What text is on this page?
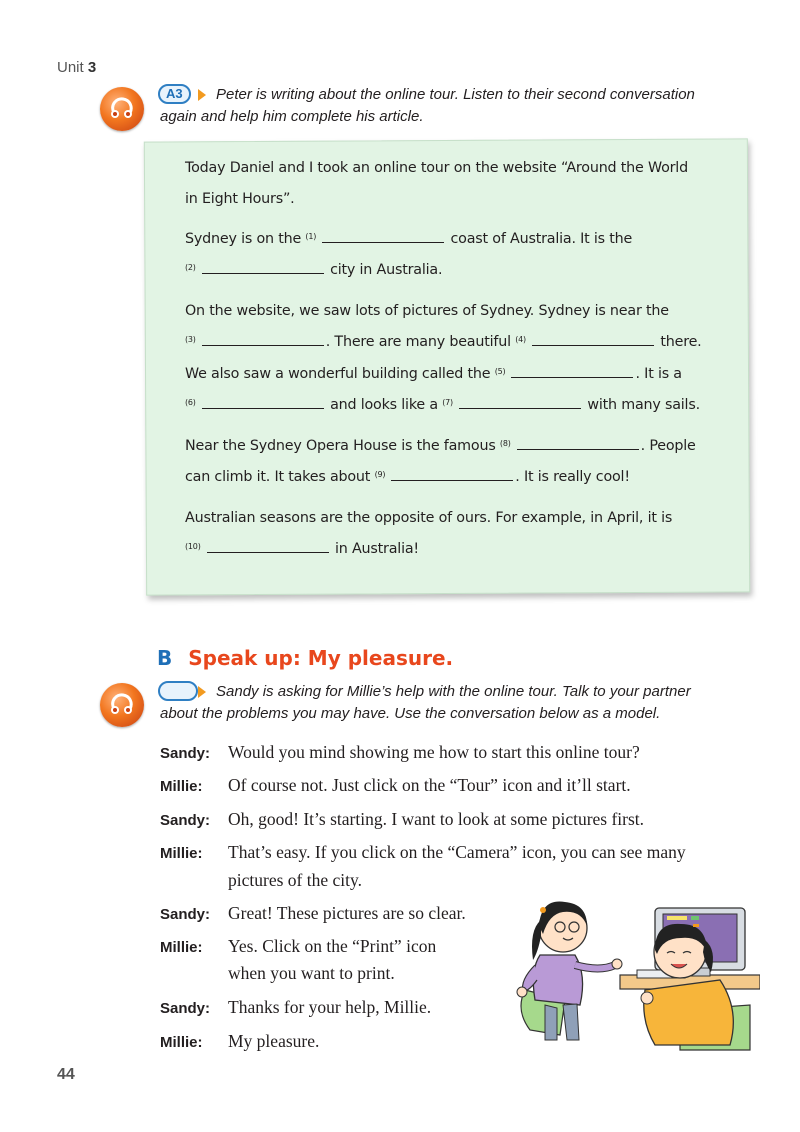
Unit 3
A3	Peter is writing about the online tour. Listen to their second conversation
again and help him complete his article.
Today Daniel and I took an online tour on the website “Around the World
in Eight Hours”.
Sydney is on the $^{(1)}$	coast of Australia. It is the
$^{(2)}$	city in Australia.
On the website, we saw lots of pictures of Sydney. Sydney is near the
$^{(3)}$	. There are many beautiful $^{(4)}$	there.
We also saw a wonderful building called the $^{(5)}$	. It is a
$^{(6)}$	and looks like a $^{(7)}$	with many sails.
Near the Sydney Opera House is the famous $^{(8)}$	. People
can climb it. It takes about $^{(9)}$	. It is really cool!
Australian seasons are the opposite of ours. For example, in April, it is
$^{(10)}$	in Australia!
B Speak up: My pleasure.
Sandy is asking for Millie’s help with the online tour. Talk to your partner
about the problems you may have. Use the conversation below as a model.
Sandy: Would you mind showing me how to start this online tour?
Millie: Of course not. Just click on the “Tour” icon and it’ll start.
Sandy: Oh, good! It’s starting. I want to look at some pictures first.
Millie: That’s easy. If you click on the “Camera” icon, you can see many
pictures of the city.
Sandy: Great! These pictures are so clear.
Millie: Yes. Click on the “Print” icon
when you want to print.
Sandy: Thanks for your help, Millie.
Millie: My pleasure.
44
